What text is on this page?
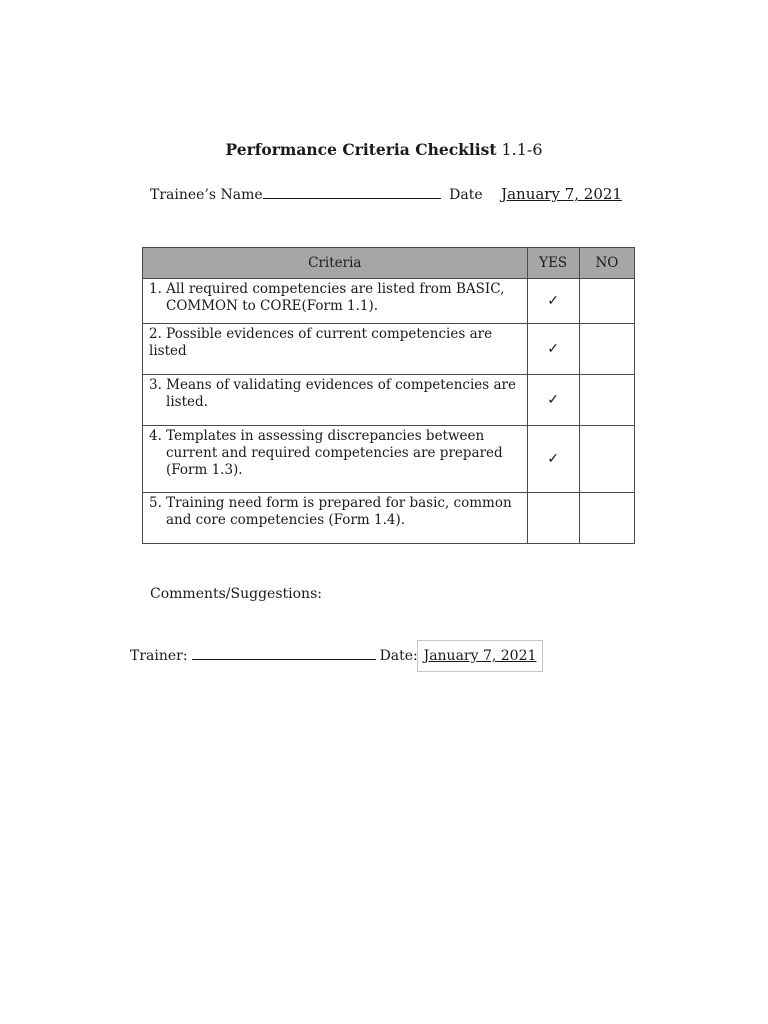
Performance Criteria Checklist 1.1-6
Trainee’s Name	Date January 7, 2021
Criteria	YES	NO

1. All required competencies are listed from BASIC, COMMON to CORE(Form 1.1).	✓	

2. Possible evidences of current competencies are listed	✓	

3. Means of validating evidences of competencies are listed.	✓	

4. Templates in assessing discrepancies between current and required competencies are prepared (Form 1.3).	✓	

5. Training need form is prepared for basic, common and core competencies (Form 1.4).		

Comments/Suggestions:
Trainer:	Date: January 7, 2021
